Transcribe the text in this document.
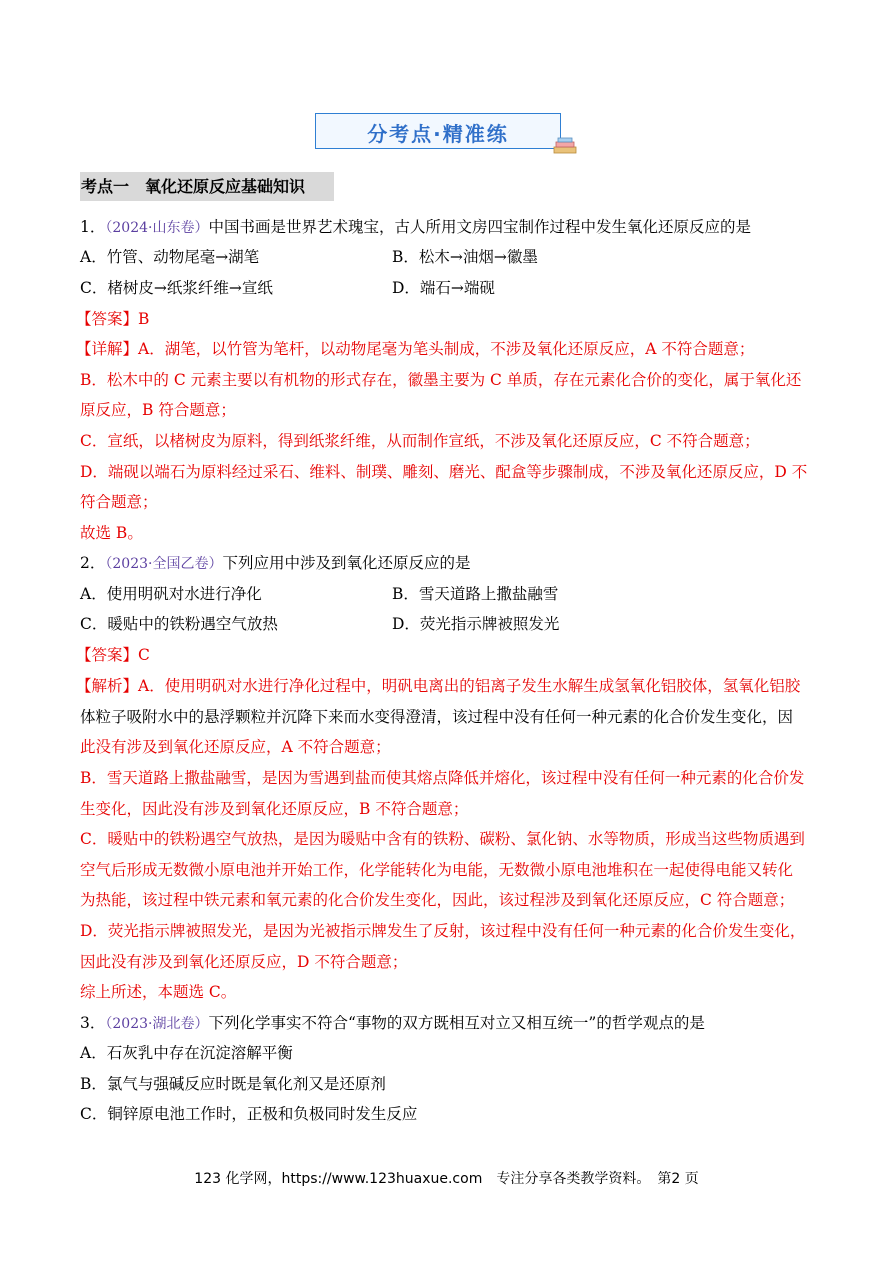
分考点·精准练
考点一　氧化还原反应基础知识
1．（2024·山东卷）中国书画是世界艺术瑰宝，古人所用文房四宝制作过程中发生氧化还原反应的是
A．竹管、动物尾毫→湖笔	B．松木→油烟→徽墨
C．楮树皮→纸浆纤维→宣纸	D．端石→端砚
【答案】B
【详解】A．湖笔，以竹管为笔杆，以动物尾毫为笔头制成，不涉及氧化还原反应，A 不符合题意；
B．松木中的 C 元素主要以有机物的形式存在，徽墨主要为 C 单质，存在元素化合价的变化，属于氧化还
原反应，B 符合题意；
C．宣纸，以楮树皮为原料，得到纸浆纤维，从而制作宣纸，不涉及氧化还原反应，C 不符合题意；
D．端砚以端石为原料经过采石、维料、制璞、雕刻、磨光、配盒等步骤制成，不涉及氧化还原反应，D 不
符合题意；
故选 B。
2．（2023·全国乙卷）下列应用中涉及到氧化还原反应的是
A．使用明矾对水进行净化	B．雪天道路上撒盐融雪
C．暖贴中的铁粉遇空气放热	D．荧光指示牌被照发光
【答案】C
【解析】A．使用明矾对水进行净化过程中，明矾电离出的铝离子发生水解生成氢氧化铝胶体，氢氧化铝胶
体粒子吸附水中的悬浮颗粒并沉降下来而水变得澄清，该过程中没有任何一种元素的化合价发生变化，因
此没有涉及到氧化还原反应，A 不符合题意；
B．雪天道路上撒盐融雪，是因为雪遇到盐而使其熔点降低并熔化，该过程中没有任何一种元素的化合价发
生变化，因此没有涉及到氧化还原反应，B 不符合题意；
C．暖贴中的铁粉遇空气放热，是因为暖贴中含有的铁粉、碳粉、氯化钠、水等物质，形成当这些物质遇到
空气后形成无数微小原电池并开始工作，化学能转化为电能，无数微小原电池堆积在一起使得电能又转化
为热能，该过程中铁元素和氧元素的化合价发生变化，因此，该过程涉及到氧化还原反应，C 符合题意；
D．荧光指示牌被照发光，是因为光被指示牌发生了反射，该过程中没有任何一种元素的化合价发生变化，
因此没有涉及到氧化还原反应，D 不符合题意；
综上所述，本题选 C。
3．（2023·湖北卷）下列化学事实不符合“事物的双方既相互对立又相互统一”的哲学观点的是
A．石灰乳中存在沉淀溶解平衡
B．氯气与强碱反应时既是氧化剂又是还原剂
C．铜锌原电池工作时，正极和负极同时发生反应
123 化学网，https://www.123huaxue.com　专注分享各类教学资料。　第2 页
